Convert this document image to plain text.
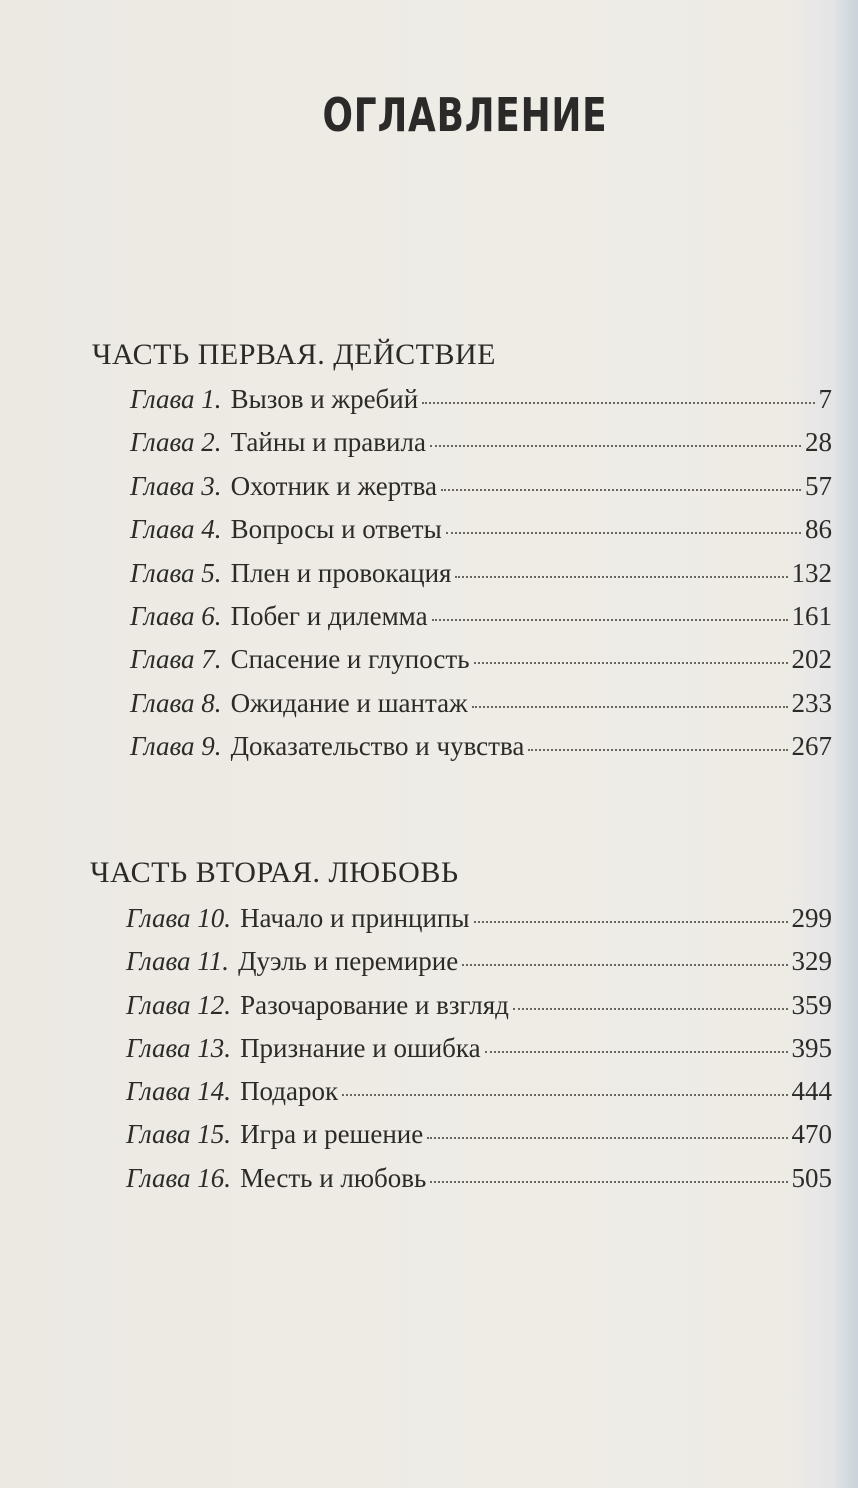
ОГЛАВЛЕНИЕ
ЧАСТЬ ПЕРВАЯ. ДЕЙСТВИЕ
Глава 1. Вызов и жребий	7
Глава 2. Тайны и правила	28
Глава 3. Охотник и жертва	57
Глава 4. Вопросы и ответы	86
Глава 5. Плен и провокация	132
Глава 6. Побег и дилемма	161
Глава 7. Спасение и глупость	202
Глава 8. Ожидание и шантаж	233
Глава 9. Доказательство и чувства	267
ЧАСТЬ ВТОРАЯ. ЛЮБОВЬ
Глава 10. Начало и принципы	299
Глава 11. Дуэль и перемирие	329
Глава 12. Разочарование и взгляд	359
Глава 13. Признание и ошибка	395
Глава 14. Подарок	444
Глава 15. Игра и решение	470
Глава 16. Месть и любовь	505
